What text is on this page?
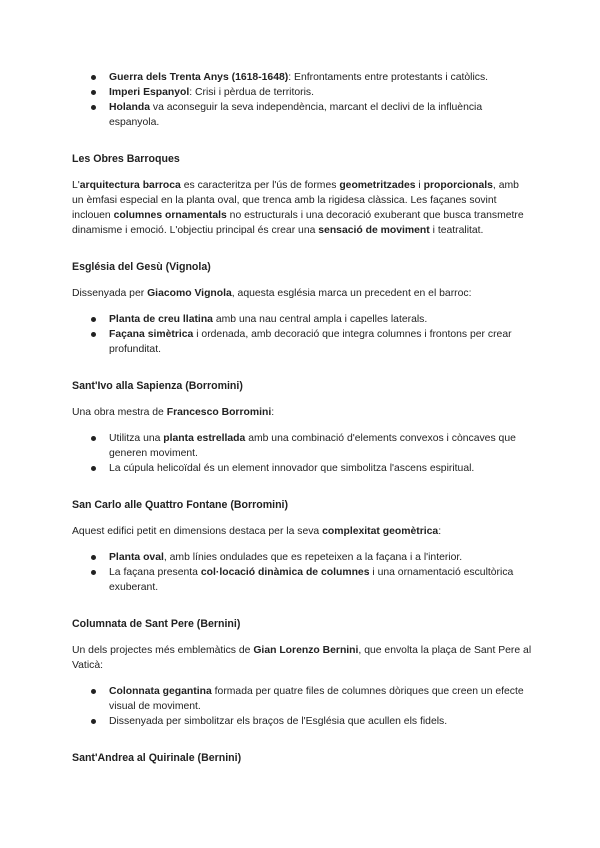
Guerra dels Trenta Anys (1618-1648): Enfrontaments entre protestants i catòlics.
Imperi Espanyol: Crisi i pèrdua de territoris.
Holanda va aconseguir la seva independència, marcant el declivi de la influència espanyola.
Les Obres Barroques

L'arquitectura barroca es caracteritza per l'ús de formes geometritzades i proporcionals, amb un èmfasi especial en la planta oval, que trenca amb la rigidesa clàssica. Les façanes sovint inclouen columnes ornamentals no estructurals i una decoració exuberant que busca transmetre dinamisme i emoció. L'objectiu principal és crear una sensació de moviment i teatralitat.

Església del Gesù (Vignola)

Dissenyada per Giacomo Vignola, aquesta església marca un precedent en el barroc:

Planta de creu llatina amb una nau central ampla i capelles laterals.
Façana simètrica i ordenada, amb decoració que integra columnes i frontons per crear profunditat.
Sant'Ivo alla Sapienza (Borromini)

Una obra mestra de Francesco Borromini:

Utilitza una planta estrellada amb una combinació d'elements convexos i còncaves que generen moviment.
La cúpula helicoïdal és un element innovador que simbolitza l'ascens espiritual.
San Carlo alle Quattro Fontane (Borromini)

Aquest edifici petit en dimensions destaca per la seva complexitat geomètrica:

Planta oval, amb línies ondulades que es repeteixen a la façana i a l'interior.
La façana presenta col·locació dinàmica de columnes i una ornamentació escultòrica exuberant.
Columnata de Sant Pere (Bernini)

Un dels projectes més emblemàtics de Gian Lorenzo Bernini, que envolta la plaça de Sant Pere al Vaticà:

Colonnata gegantina formada per quatre files de columnes dòriques que creen un efecte visual de moviment.
Dissenyada per simbolitzar els braços de l'Església que acullen els fidels.
Sant'Andrea al Quirinale (Bernini)
